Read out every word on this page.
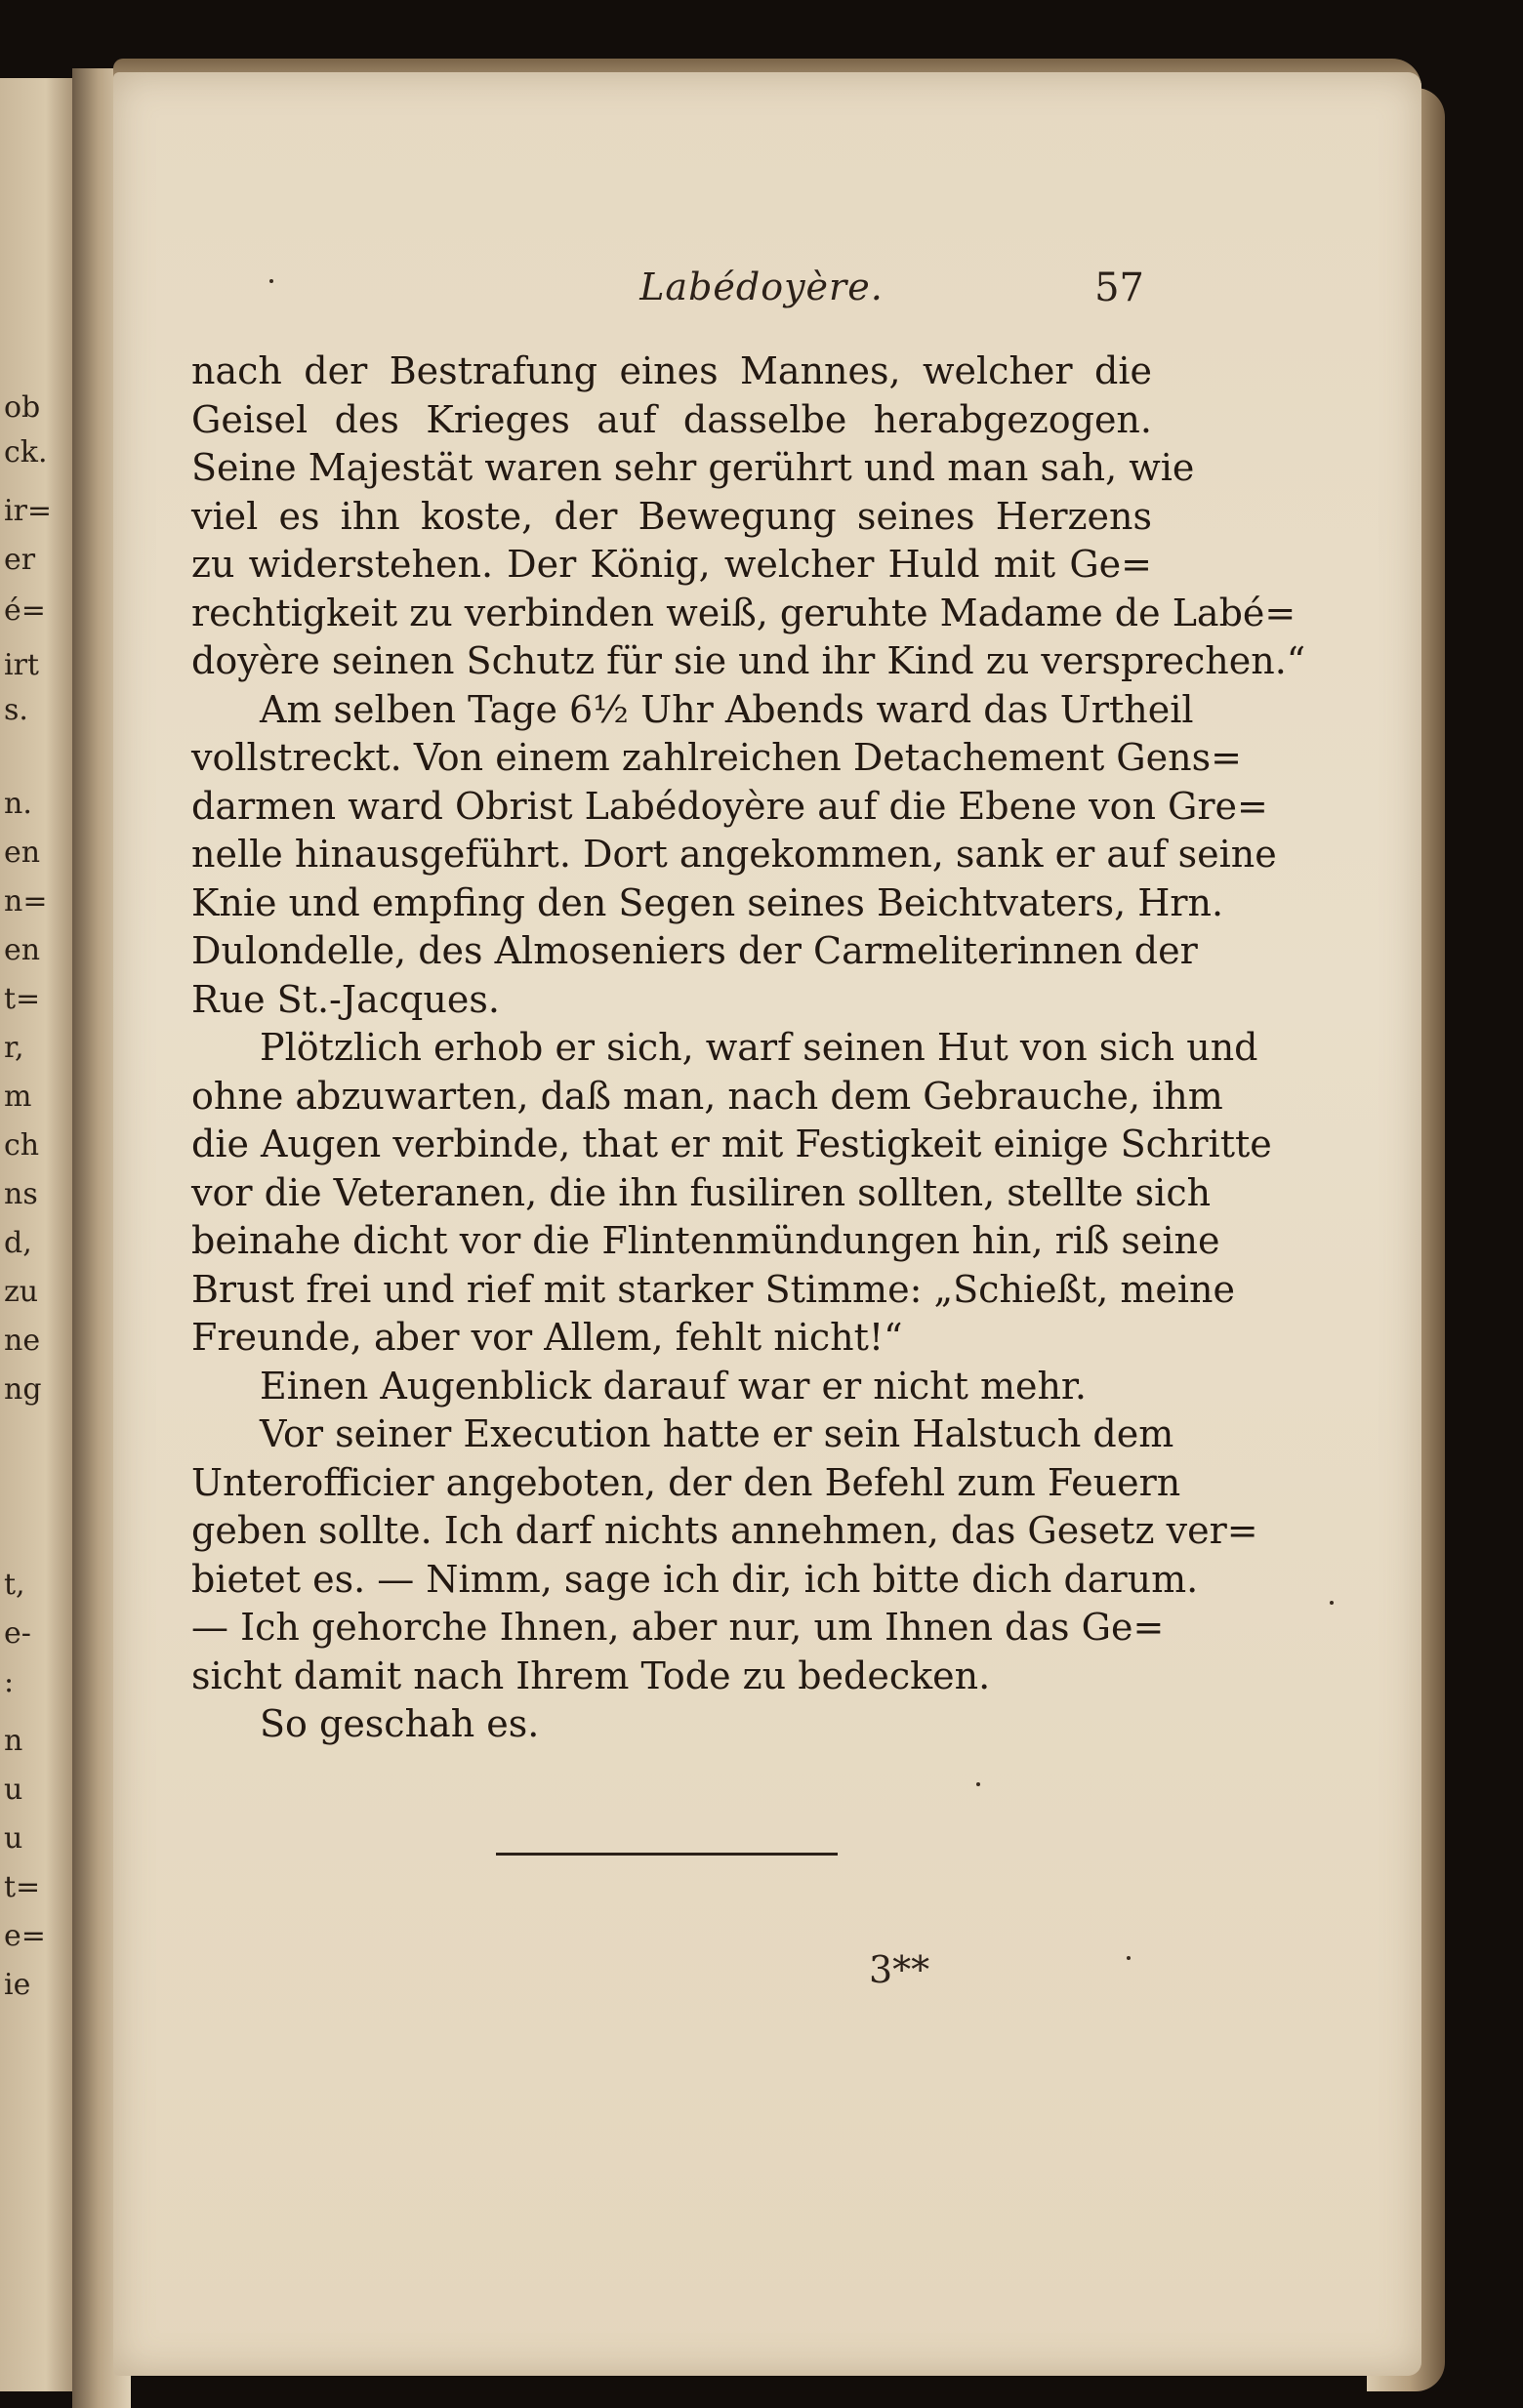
ob
ck.
ir=
er
é=
irt
s.
n.
en
n=
en
t=
r,
m
ch
ns
d,
zu
ne
ng
t,
e-
:
n
u
u
t=
e=
ie
Labédoyère.	57
nach der Bestrafung eines Mannes, welcher die
Geisel des Krieges auf dasselbe herabgezogen.
Seine Majestät waren sehr gerührt und man sah, wie
viel es ihn koste, der Bewegung seines Herzens
zu widerstehen. Der König, welcher Huld mit Ge=
rechtigkeit zu verbinden weiß, geruhte Madame de Labé=
doyère seinen Schutz für sie und ihr Kind zu versprechen.“
Am selben Tage 6½ Uhr Abends ward das Urtheil
vollstreckt. Von einem zahlreichen Detachement Gens=
darmen ward Obrist Labédoyère auf die Ebene von Gre=
nelle hinausgeführt. Dort angekommen, sank er auf seine
Knie und empfing den Segen seines Beichtvaters, Hrn.
Dulondelle, des Almoseniers der Carmeliterinnen der
Rue St.-Jacques.
Plötzlich erhob er sich, warf seinen Hut von sich und
ohne abzuwarten, daß man, nach dem Gebrauche, ihm
die Augen verbinde, that er mit Festigkeit einige Schritte
vor die Veteranen, die ihn fusiliren sollten, stellte sich
beinahe dicht vor die Flintenmündungen hin, riß seine
Brust frei und rief mit starker Stimme: „Schießt, meine
Freunde, aber vor Allem, fehlt nicht!“
Einen Augenblick darauf war er nicht mehr.
Vor seiner Execution hatte er sein Halstuch dem
Unterofficier angeboten, der den Befehl zum Feuern
geben sollte. Ich darf nichts annehmen, das Gesetz ver=
bietet es. — Nimm, sage ich dir, ich bitte dich darum.
— Ich gehorche Ihnen, aber nur, um Ihnen das Ge=
sicht damit nach Ihrem Tode zu bedecken.
So geschah es.
3**
